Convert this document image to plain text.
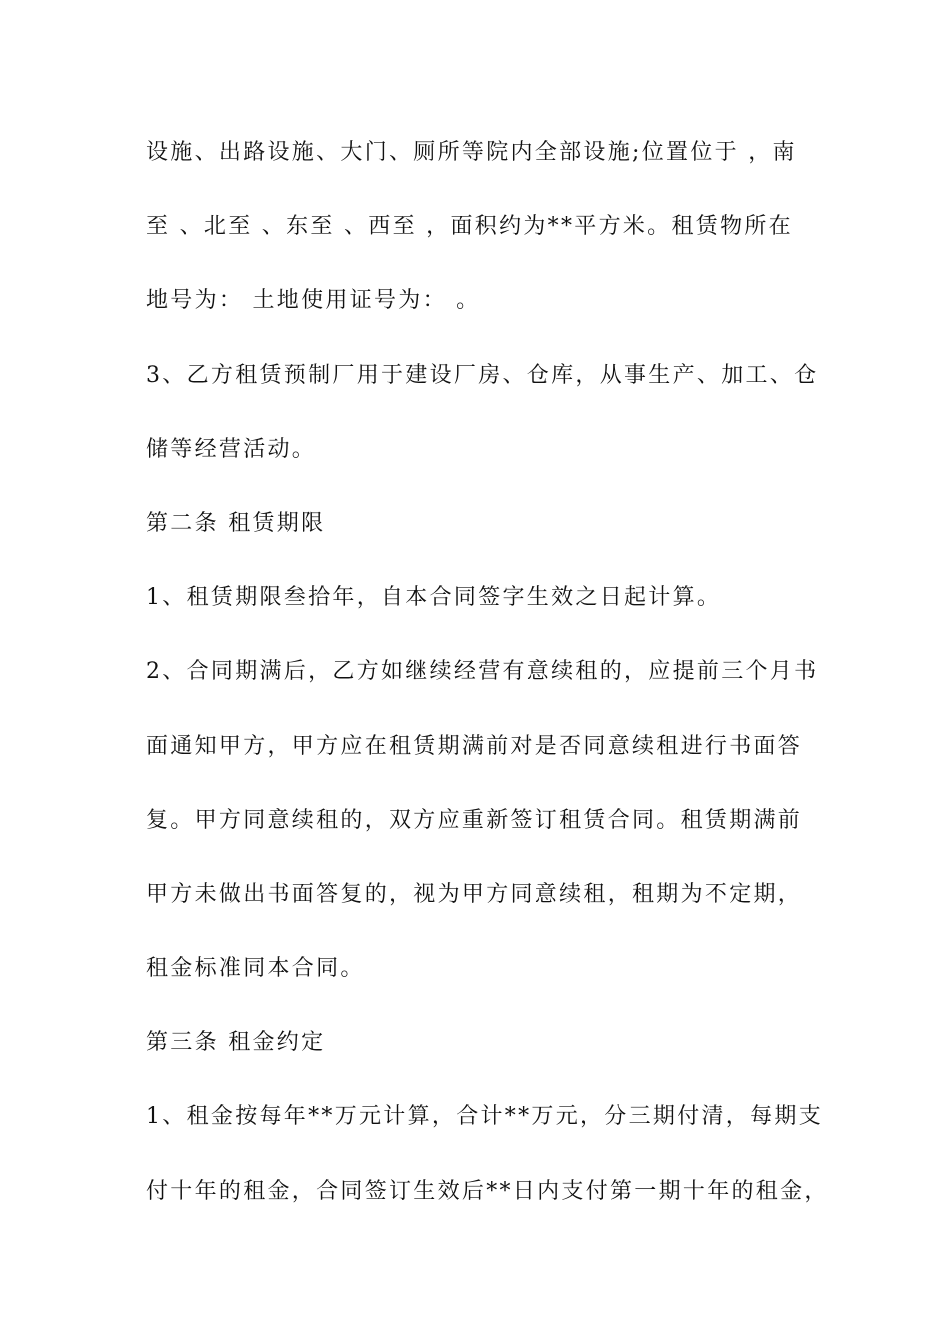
设施、出路设施、大门、厕所等院内全部设施;位置位于 ，南
至 、北至 、东至 、西至 ，面积约为**平方米。租赁物所在
地号为： 土地使用证号为： 。
3、乙方租赁预制厂用于建设厂房、仓库，从事生产、加工、仓
储等经营活动。
第二条 租赁期限
1、租赁期限叁拾年，自本合同签字生效之日起计算。
2、合同期满后，乙方如继续经营有意续租的，应提前三个月书
面通知甲方，甲方应在租赁期满前对是否同意续租进行书面答
复。甲方同意续租的，双方应重新签订租赁合同。租赁期满前
甲方未做出书面答复的，视为甲方同意续租，租期为不定期，
租金标准同本合同。
第三条 租金约定
1、租金按每年**万元计算，合计**万元，分三期付清，每期支
付十年的租金，合同签订生效后**日内支付第一期十年的租金，
